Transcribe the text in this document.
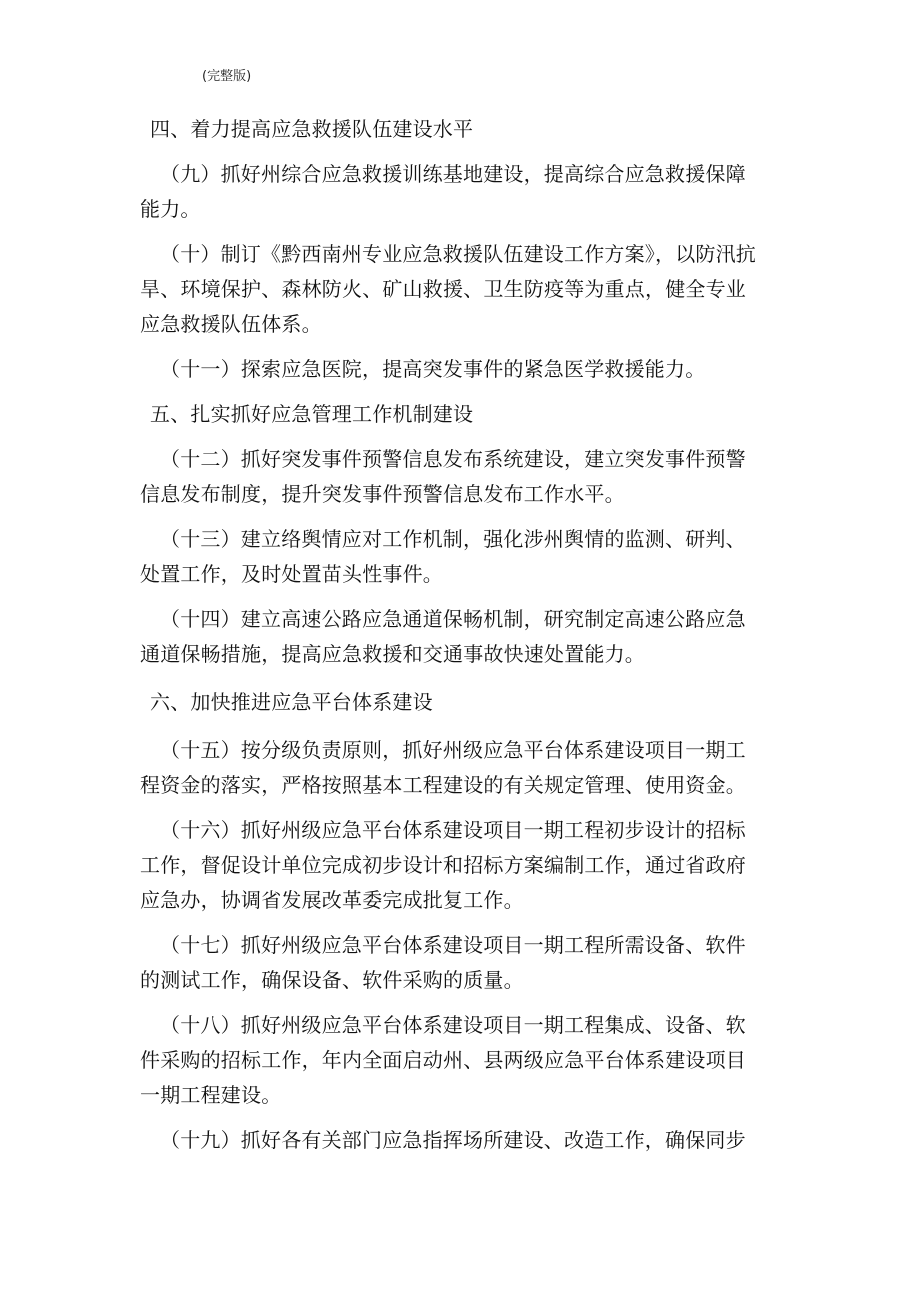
(完整版)

四、着力提高应急救援队伍建设水平

（九）抓好州综合应急救援训练基地建设，提高综合应急救援保障

能力。

（十）制订《黔西南州专业应急救援队伍建设工作方案》，以防汛抗

旱、环境保护、森林防火、矿山救援、卫生防疫等为重点，健全专业

应急救援队伍体系。

（十一）探索应急医院，提高突发事件的紧急医学救援能力。

五、扎实抓好应急管理工作机制建设

（十二）抓好突发事件预警信息发布系统建设，建立突发事件预警

信息发布制度，提升突发事件预警信息发布工作水平。

（十三）建立络舆情应对工作机制，强化涉州舆情的监测、研判、

处置工作，及时处置苗头性事件。

（十四）建立高速公路应急通道保畅机制，研究制定高速公路应急

通道保畅措施，提高应急救援和交通事故快速处置能力。

六、加快推进应急平台体系建设

（十五）按分级负责原则，抓好州级应急平台体系建设项目一期工

程资金的落实，严格按照基本工程建设的有关规定管理、使用资金。

（十六）抓好州级应急平台体系建设项目一期工程初步设计的招标

工作，督促设计单位完成初步设计和招标方案编制工作，通过省政府

应急办，协调省发展改革委完成批复工作。

（十七）抓好州级应急平台体系建设项目一期工程所需设备、软件

的测试工作，确保设备、软件采购的质量。

（十八）抓好州级应急平台体系建设项目一期工程集成、设备、软

件采购的招标工作，年内全面启动州、县两级应急平台体系建设项目

一期工程建设。

（十九）抓好各有关部门应急指挥场所建设、改造工作，确保同步
